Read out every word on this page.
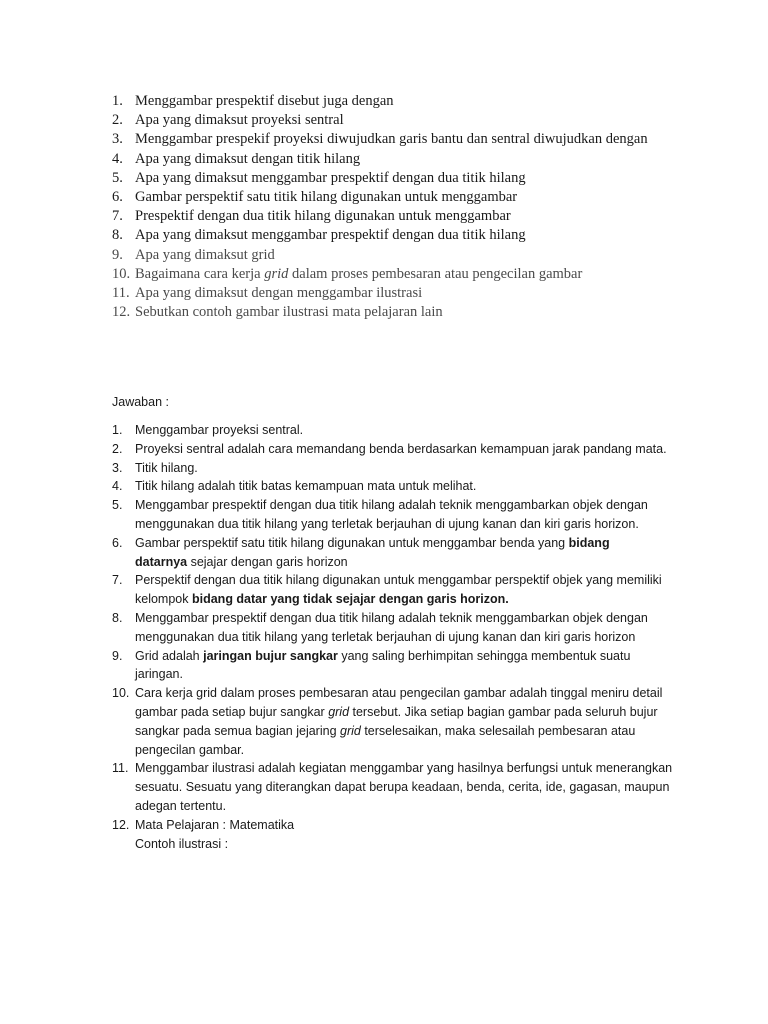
1. Menggambar prespektif disebut juga dengan
2. Apa yang dimaksut proyeksi sentral
3. Menggambar prespekif proyeksi diwujudkan garis bantu dan sentral diwujudkan dengan
4. Apa yang dimaksut dengan titik hilang
5. Apa yang dimaksut menggambar prespektif dengan dua titik hilang
6. Gambar perspektif satu titik hilang digunakan untuk menggambar
7. Prespektif dengan dua titik hilang digunakan untuk menggambar
8. Apa yang dimaksut menggambar prespektif dengan dua titik hilang
9. Apa yang dimaksut grid
10. Bagaimana cara kerja grid dalam proses pembesaran atau pengecilan gambar
11. Apa yang dimaksut dengan menggambar ilustrasi
12. Sebutkan contoh gambar ilustrasi mata pelajaran lain

Jawaban :

1. Menggambar proyeksi sentral.
2. Proyeksi sentral adalah cara memandang benda berdasarkan kemampuan jarak pandang mata.
3. Titik hilang.
4. Titik hilang adalah titik batas kemampuan mata untuk melihat.
5. Menggambar prespektif dengan dua titik hilang adalah teknik menggambarkan objek dengan
menggunakan dua titik hilang yang terletak berjauhan di ujung kanan dan kiri garis horizon.
6. Gambar perspektif satu titik hilang digunakan untuk menggambar benda yang bidang
datarnya sejajar dengan garis horizon
7. Perspektif dengan dua titik hilang digunakan untuk menggambar perspektif objek yang memiliki
kelompok bidang datar yang tidak sejajar dengan garis horizon.
8. Menggambar prespektif dengan dua titik hilang adalah teknik menggambarkan objek dengan
menggunakan dua titik hilang yang terletak berjauhan di ujung kanan dan kiri garis horizon
9. Grid adalah jaringan bujur sangkar yang saling berhimpitan sehingga membentuk suatu
jaringan.
10. Cara kerja grid dalam proses pembesaran atau pengecilan gambar adalah tinggal meniru detail
gambar pada setiap bujur sangkar grid tersebut. Jika setiap bagian gambar pada seluruh bujur
sangkar pada semua bagian jejaring grid terselesaikan, maka selesailah pembesaran atau
pengecilan gambar.
11. Menggambar ilustrasi adalah kegiatan menggambar yang hasilnya berfungsi untuk menerangkan
sesuatu. Sesuatu yang diterangkan dapat berupa keadaan, benda, cerita, ide, gagasan, maupun
adegan tertentu.
12. Mata Pelajaran : Matematika
Contoh ilustrasi :
